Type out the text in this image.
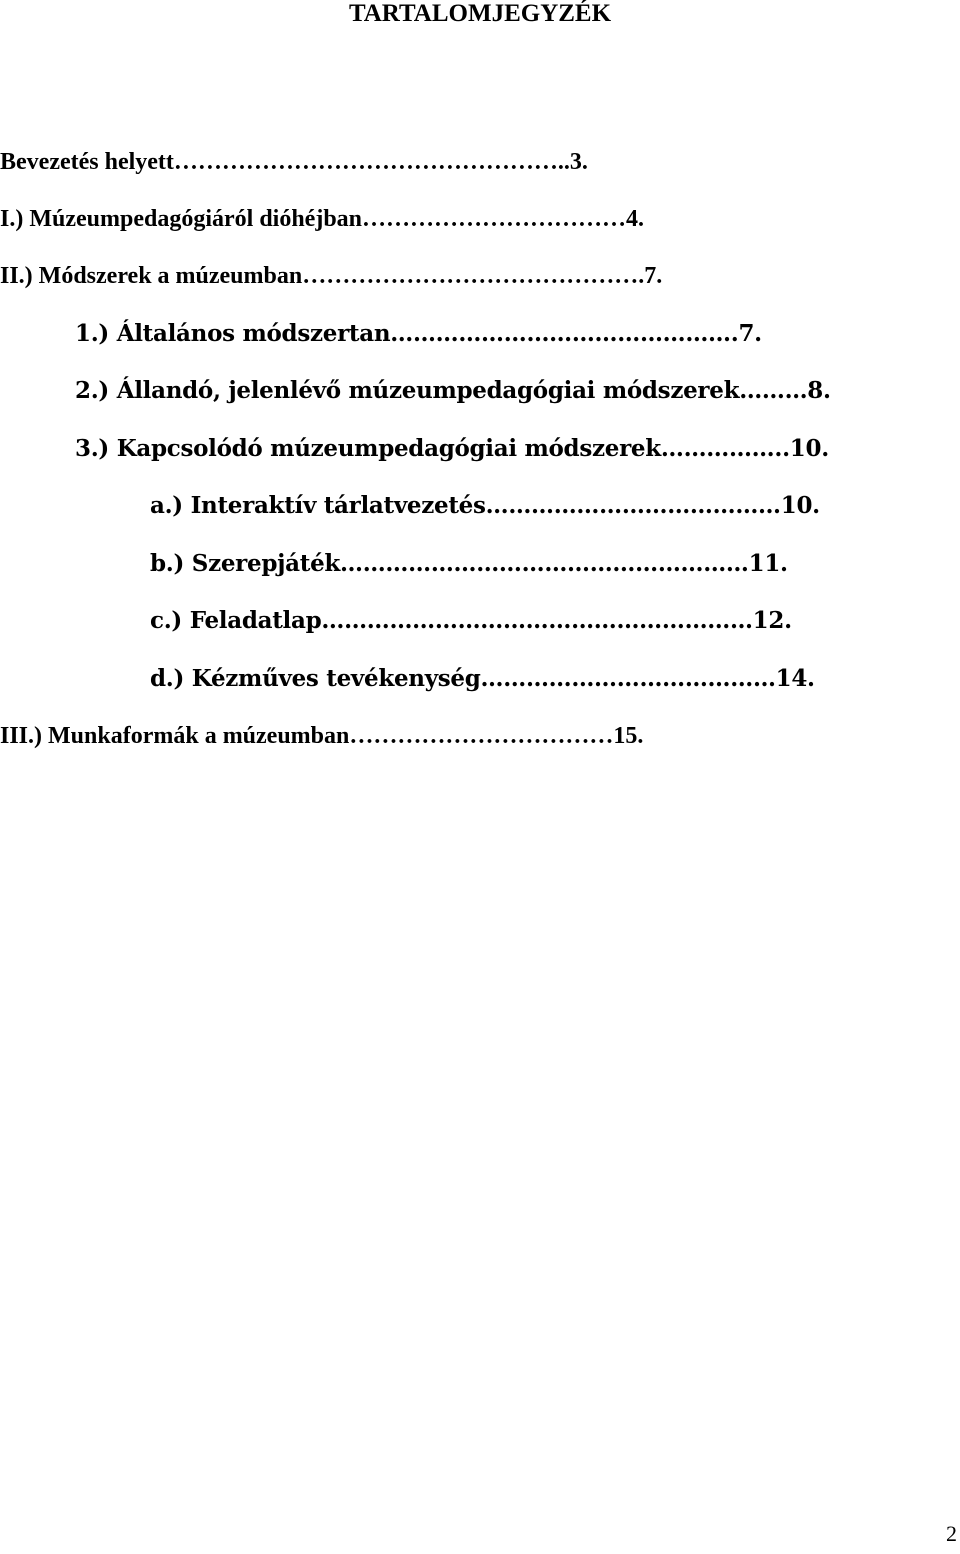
TARTALOMJEGYZÉK
Bevezetés helyett…………………………………………..3.
I.) Múzeumpedagógiáról dióhéjban……………………………4.
II.) Módszerek a múzeumban…………………………………….7.
1.) Általános módszertan……………………………………….7.
2.) Állandó, jelenlévő múzeumpedagógiai módszerek………8.
3.) Kapcsolódó múzeumpedagógiai módszerek……………..10.
a.) Interaktív tárlatvezetés…………………………………10.
b.) Szerepjáték………………………………………………11.
c.) Feladatlap…………………………………………………12.
d.) Kézműves tevékenység…………………………………14.
III.) Munkaformák a múzeumban……………………………15.
2
